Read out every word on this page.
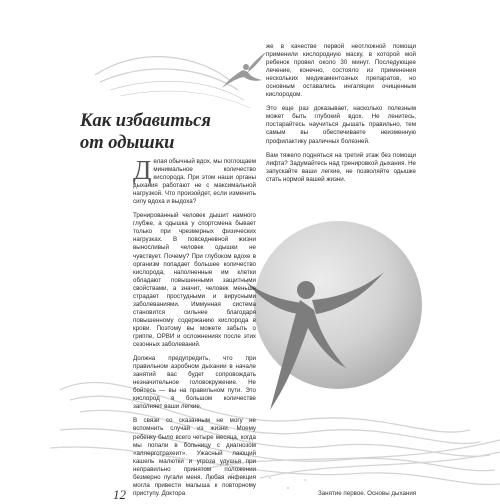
Как избавиться
от одышки

Делая обычный вдох, мы поглощаем минимальное количество кислорода. При этом наши органы дыхания работают не с максимальной нагрузкой. Что произойдет, если изменить силу вдоха и выдоха?

Тренированный человек дышит намного глубже, а одышка у спортсмена бывает только при чрезмерных физических нагрузках. В повседневной жизни выносливый человек одышки не чувствует. Почему? При глубоком вдохе в организм попадает большее количество кислорода, наполненные им клетки обладают повышенными защитными свойствами, а значит, человек меньше страдает простудными и вирусными заболеваниями. Иммунная система становится сильнее благодаря повышенному содержанию кислорода в крови. Поэтому вы можете забыть о гриппе, ОРВИ и осложнениях после этих сезонных заболеваний.

Должна предупредить, что при правильном аэробном дыхании в начале занятий вас будет сопровождать незначительное головокружение. Не бойтесь — вы на правильном пути. Это кислород в большом количестве заполняет ваши легкие.

В связи со сказанным не могу не вспомнить случай из жизни. Моему ребенку было всего четыре месяца, когда мы попали в больницу с диагнозом «аллерготрахеит». Ужасный лающий кашель малютки и угроза удушья при неправильно принятом положении безмерно пугали меня. Любая инфекция могла привести малыша к повторному приступу. Доктора

же в качестве первой неотложной помощи применили кислородную маску, в которой мой ребенок провел около 30 минут. Последующее лечение, конечно, состояло из применения нескольких медикаментозных препаратов, но основным оставались ингаляции очищенным кислородом.

Это еще раз доказывает, насколько полезным может быть глубокий вдох. Не ленитесь, постарайтесь научиться дышать правильно, тем самым вы обеспечиваете неизменную профилактику различных болезней.

Вам тяжело подняться на третий этаж без помощи лифта? Задумайтесь над тренировкой дыхания. Не запускайте ваши легкие, не позволяйте одышке стать нормой вашей жизни.

12	Занятие первое. Основы дыхания
